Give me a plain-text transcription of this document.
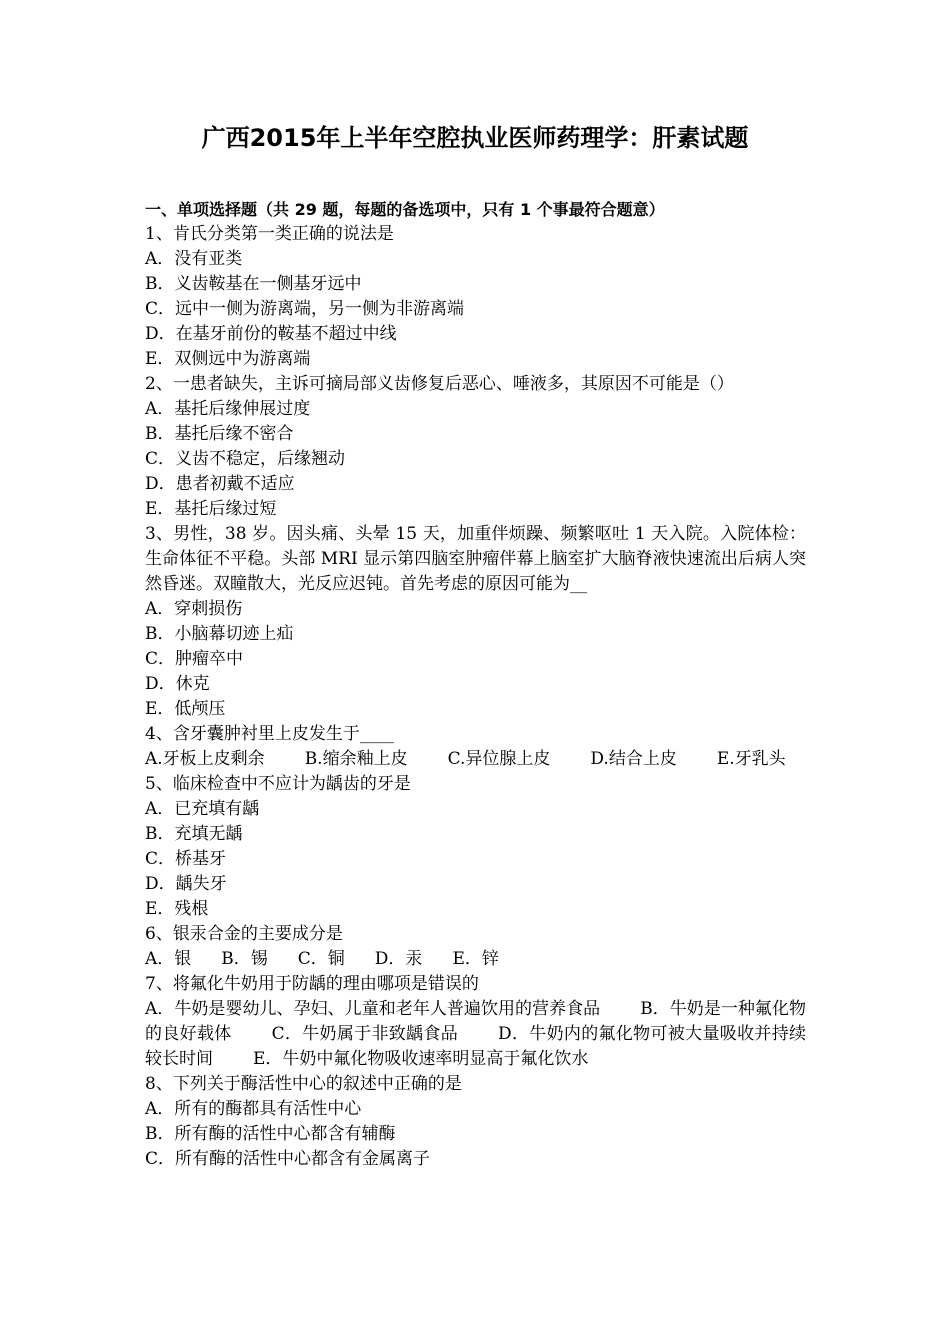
广西2015年上半年空腔执业医师药理学：肝素试题
一、单项选择题（共 29 题，每题的备选项中，只有 1 个事最符合题意）
1、肯氏分类第一类正确的说法是
A．没有亚类
B．义齿鞍基在一侧基牙远中
C．远中一侧为游离端，另一侧为非游离端
D．在基牙前份的鞍基不超过中线
E．双侧远中为游离端
2、一患者缺失，主诉可摘局部义齿修复后恶心、唾液多，其原因不可能是（）
A．基托后缘伸展过度
B．基托后缘不密合
C．义齿不稳定，后缘翘动
D．患者初戴不适应
E．基托后缘过短
3、男性，38 岁。因头痛、头晕 15 天，加重伴烦躁、频繁呕吐 1 天入院。入院体检：生命体征不平稳。头部 MRI 显示第四脑室肿瘤伴幕上脑室扩大脑脊液快速流出后病人突然昏迷。双瞳散大，光反应迟钝。首先考虑的原因可能为__
A．穿刺损伤
B．小脑幕切迹上疝
C．肿瘤卒中
D．休克
E．低颅压
4、含牙囊肿衬里上皮发生于____
A.牙板上皮剩余 B.缩余釉上皮 C.异位腺上皮 D.结合上皮 E.牙乳头
5、临床检查中不应计为龋齿的牙是
A．已充填有龋
B．充填无龋
C．桥基牙
D．龋失牙
E．残根
6、银汞合金的主要成分是
A．银 B．锡 C．铜 D．汞 E．锌
7、将氟化牛奶用于防龋的理由哪项是错误的
A．牛奶是婴幼儿、孕妇、儿童和老年人普遍饮用的营养食品 B．牛奶是一种氟化物的良好载体 C．牛奶属于非致龋食品 D．牛奶内的氟化物可被大量吸收并持续较长时间 E．牛奶中氟化物吸收速率明显高于氟化饮水
8、下列关于酶活性中心的叙述中正确的是
A．所有的酶都具有活性中心
B．所有酶的活性中心都含有辅酶
C．所有酶的活性中心都含有金属离子
